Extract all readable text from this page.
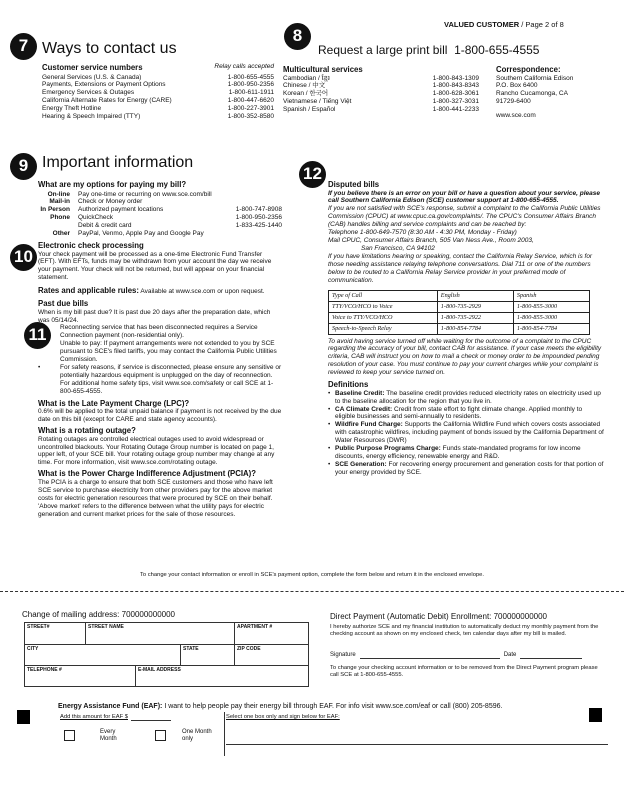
VALUED CUSTOMER / Page 2 of 8
7
8
9
10
11
12
Ways to contact us
Customer service numbers	Relay calls accepted
General Services (U.S. & Canada)	1-800-655-4555
Payments, Extensions or Payment Options	1-800-950-2356
Emergency Services & Outages	1-800-611-1911
California Alternate Rates for Energy (CARE)	1-800-447-6620
Energy Theft Hotline	1-800-227-3901
Hearing & Speech Impaired (TTY)	1-800-352-8580
Request a large print bill 1-800-655-4555
Multicultural services
Cambodian / ខ្មែរ	1-800-843-1309
Chinese / 中文	1-800-843-8343
Korean / 한국어	1-800-628-3061
Vietnamese / Tiếng Việt	1-800-327-3031
Spanish / Español	1-800-441-2233
Correspondence:
Southern California Edison
P.O. Box 6400
Rancho Cucamonga, CA
91729-6400
www.sce.com
Important information
What are my options for paying my bill?
On-line	Pay one-time or recurring on www.sce.com/bill
Mail-in	Check or Money order
In Person	Authorized payment locations	1-800-747-8908
Phone	QuickCheck	1-800-950-2356
Debit & credit card	1-833-425-1440
Other	PayPal, Venmo, Apple Pay and Google Pay
Electronic check processing
Your check payment will be processed as a one-time Electronic Fund Transfer (EFT). With EFTs, funds may be withdrawn from your account the day we receive your payment. Your check will not be returned, but will appear on your financial statement.
Rates and applicable rules: Available at www.sce.com or upon request.
Past due bills
When is my bill past due? It is past due 20 days after the preparation date, which was 05/14/24.
• Reconnecting service that has been disconnected requires a Service Connection payment (non-residential only).
• Unable to pay: If payment arrangements were not extended to you by SCE pursuant to SCE's filed tariffs, you may contact the California Public Utilities Commission.
• For safety reasons, if service is disconnected, please ensure any sensitive or potentially hazardous equipment is unplugged on the day of reconnection. For additional home safety tips, visit www.sce.com/safety or call SCE at 1-800-655-4555.
What is the Late Payment Charge (LPC)?
0.6% will be applied to the total unpaid balance if payment is not received by the due date on this bill (except for CARE and state agency accounts).
What is a rotating outage?
Rotating outages are controlled electrical outages used to avoid widespread or uncontrolled blackouts. Your Rotating Outage Group number is located on page 1, upper left, of your SCE bill. Your rotating outage group number may change at any time. For more information, visit www.sce.com/rotating outage.
What is the Power Charge Indifference Adjustment (PCIA)?
The PCIA is a charge to ensure that both SCE customers and those who have left SCE service to purchase electricity from other providers pay for the above market costs for electric generation resources that were procured by SCE on their behalf. 'Above market' refers to the difference between what the utility pays for electric generation and current market prices for the sale of those resources.
Disputed bills
If you believe there is an error on your bill or have a question about your service, please call Southern California Edison (SCE) customer support at 1-800-655-4555.
If you are not satisfied with SCE's response, submit a complaint to the California Public Utilities Commission (CPUC) at www.cpuc.ca.gov/complaints/. The CPUC's Consumer Affairs Branch (CAB) handles billing and service complaints and can be reached by:
Telephone 1-800-649-7570 (8:30 AM - 4:30 PM, Monday - Friday)
Mail CPUC, Consumer Affairs Branch, 505 Van Ness Ave., Room 2003,
San Francisco, CA 94102
If you have limitations hearing or speaking, contact the California Relay Service, which is for those needing assistance relaying telephone conversations. Dial 711 or one of the numbers below to be routed to a California Relay Service provider in your preferred mode of communication.
Type of Call	English	Spanish
TTY/VCO/HCO to Voice	1-800-735-2929	1-800-855-3000
Voice to TTY/VCO/HCO	1-800-735-2922	1-800-855-3000
Speech-to-Speech Relay	1-800-854-7784	1-800-854-7784
To avoid having service turned off while waiting for the outcome of a complaint to the CPUC regarding the accuracy of your bill, contact CAB for assistance. If your case meets the eligibility criteria, CAB will instruct you on how to mail a check or money order to be impounded pending resolution of your case. You must continue to pay your current charges while your complaint is reviewed to keep your service turned on.
Definitions
• Baseline Credit: The baseline credit provides reduced electricity rates on electricity used up to the baseline allocation for the region that you live in.
• CA Climate Credit: Credit from state effort to fight climate change. Applied monthly to eligible businesses and semi-annually to residents.
• Wildfire Fund Charge: Supports the California Wildfire Fund which covers costs associated with catastrophic wildfires, including payment of bonds issued by the California Department of Water Resources (DWR)
• Public Purpose Programs Charge: Funds state-mandated programs for low income discounts, energy efficiency, renewable energy and R&D.
• SCE Generation: For recovering energy procurement and generation costs for that portion of your energy provided by SCE.
To change your contact information or enroll in SCE's payment option, complete the form below and return it in the enclosed envelope.
Change of mailing address: 700000000000
STREET#	STREET NAME	APARTMENT #
CITY	STATE	ZIP CODE
TELEPHONE #	E-MAIL ADDRESS
Direct Payment (Automatic Debit) Enrollment: 700000000000
I hereby authorize SCE and my financial institution to automatically deduct my monthly payment from the checking account as shown on my enclosed check, ten calendar days after my bill is mailed.
Signature	Date
To change your checking account information or to be removed from the Direct Payment program please call SCE at 1-800-655-4555.
Energy Assistance Fund (EAF): I want to help people pay their energy bill through EAF. For info visit www.sce.com/eaf or call (800) 205-8596.
Add this amount for EAF $	Select one box only and sign below for EAF:
Every
Month
One Month
only
